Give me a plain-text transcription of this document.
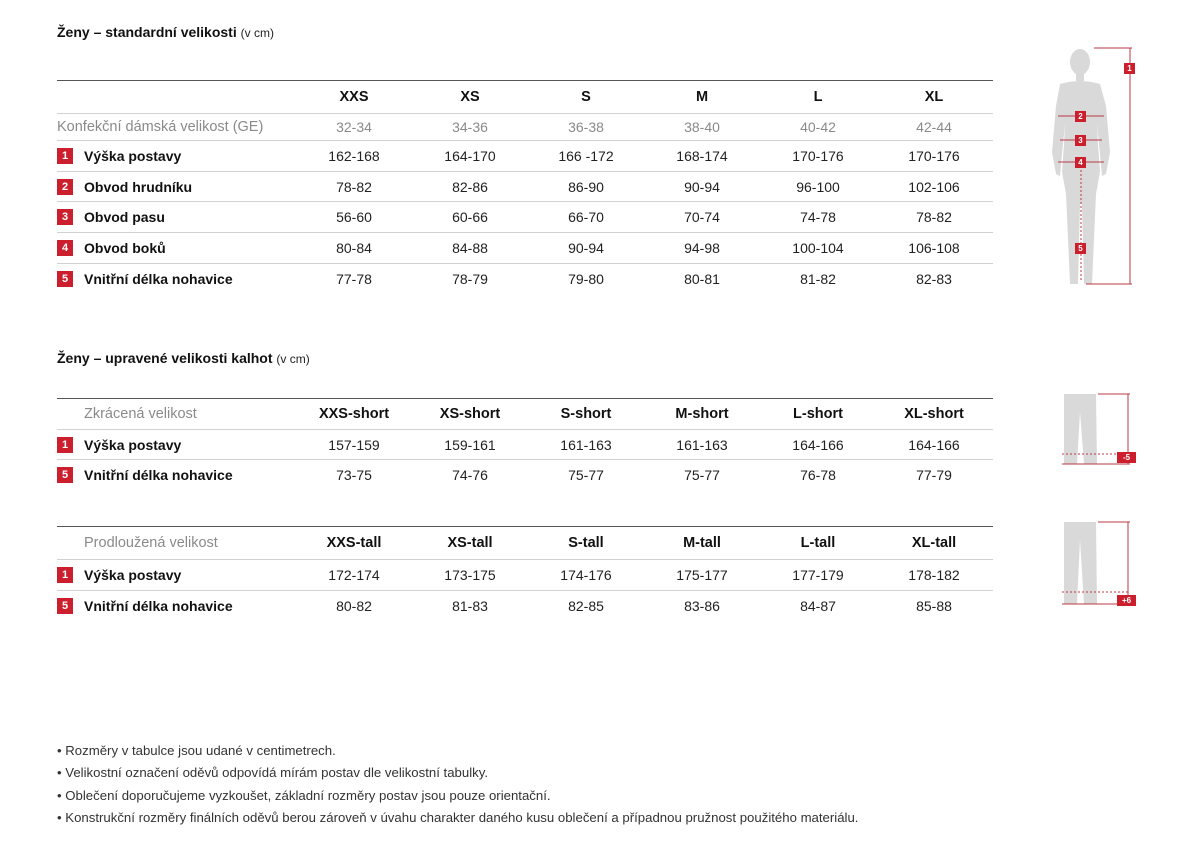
Ženy – standardní velikosti (v cm)
XXS	XS	S	M	L	XL
Konfekční dámská velikost (GE)	32-34	34-36	36-38	38-40	40-42	42-44
1	Výška postavy	162-168	164-170	166 -172	168-174	170-176	170-176
2	Obvod hrudníku	78-82	82-86	86-90	90-94	96-100	102-106
3	Obvod pasu	56-60	60-66	66-70	70-74	74-78	78-82
4	Obvod boků	80-84	84-88	90-94	94-98	100-104	106-108
5	Vnitřní délka nohavice	77-78	78-79	79-80	80-81	81-82	82-83
1
2
3
4
5
Ženy – upravené velikosti kalhot (v cm)
Zkrácená velikost	XXS-short	XS-short	S-short	M-short	L-short	XL-short
1	Výška postavy	157-159	159-161	161-163	161-163	164-166	164-166
5	Vnitřní délka nohavice	73-75	74-76	75-77	75-77	76-78	77-79
-5
Prodloužená velikost	XXS-tall	XS-tall	S-tall	M-tall	L-tall	XL-tall
1	Výška postavy	172-174	173-175	174-176	175-177	177-179	178-182
5	Vnitřní délka nohavice	80-82	81-83	82-85	83-86	84-87	85-88	+6
• Rozměry v tabulce jsou udané v centimetrech.
• Velikostní označení oděvů odpovídá mírám postav dle velikostní tabulky.
• Oblečení doporučujeme vyzkoušet, základní rozměry postav jsou pouze orientační.
• Konstrukční rozměry finálních oděvů berou zároveň v úvahu charakter daného kusu oblečení a případnou pružnost použitého materiálu.
